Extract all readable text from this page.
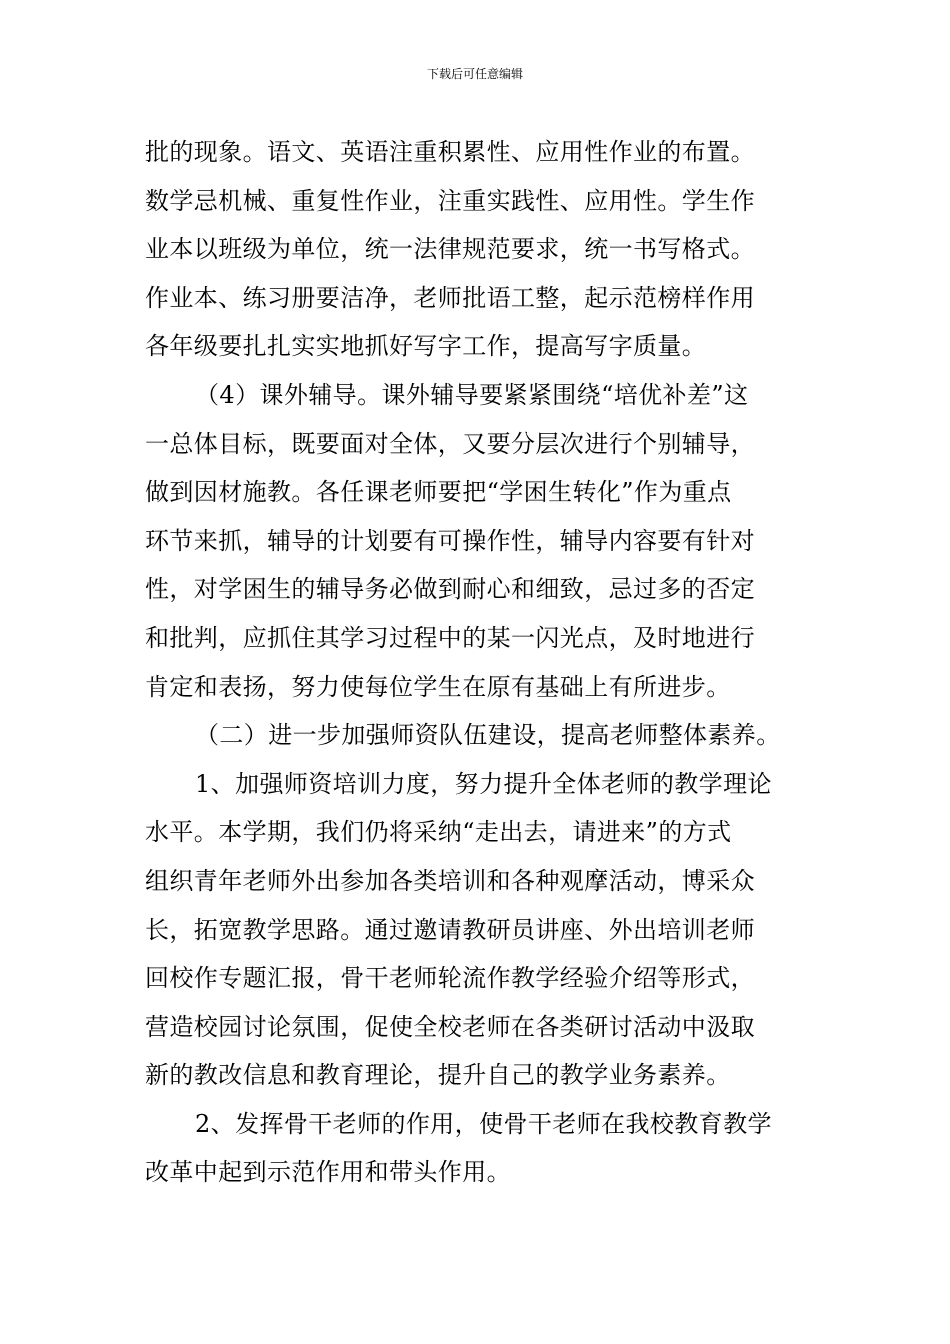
下载后可任意编辑
批的现象。语文、英语注重积累性、应用性作业的布置。
数学忌机械、重复性作业，注重实践性、应用性。学生作
业本以班级为单位，统一法律规范要求，统一书写格式。
作业本、练习册要洁净，老师批语工整，起示范榜样作用
各年级要扎扎实实地抓好写字工作，提高写字质量。
（4）课外辅导。课外辅导要紧紧围绕“培优补差”这
一总体目标，既要面对全体，又要分层次进行个别辅导，
做到因材施教。各任课老师要把“学困生转化”作为重点
环节来抓，辅导的计划要有可操作性，辅导内容要有针对
性，对学困生的辅导务必做到耐心和细致，忌过多的否定
和批判，应抓住其学习过程中的某一闪光点，及时地进行
肯定和表扬，努力使每位学生在原有基础上有所进步。
（二）进一步加强师资队伍建设，提高老师整体素养。
1、加强师资培训力度，努力提升全体老师的教学理论
水平。本学期，我们仍将采纳“走出去，请进来”的方式
组织青年老师外出参加各类培训和各种观摩活动，博采众
长，拓宽教学思路。通过邀请教研员讲座、外出培训老师
回校作专题汇报，骨干老师轮流作教学经验介绍等形式，
营造校园讨论氛围，促使全校老师在各类研讨活动中汲取
新的教改信息和教育理论，提升自己的教学业务素养。
2、发挥骨干老师的作用，使骨干老师在我校教育教学
改革中起到示范作用和带头作用。
